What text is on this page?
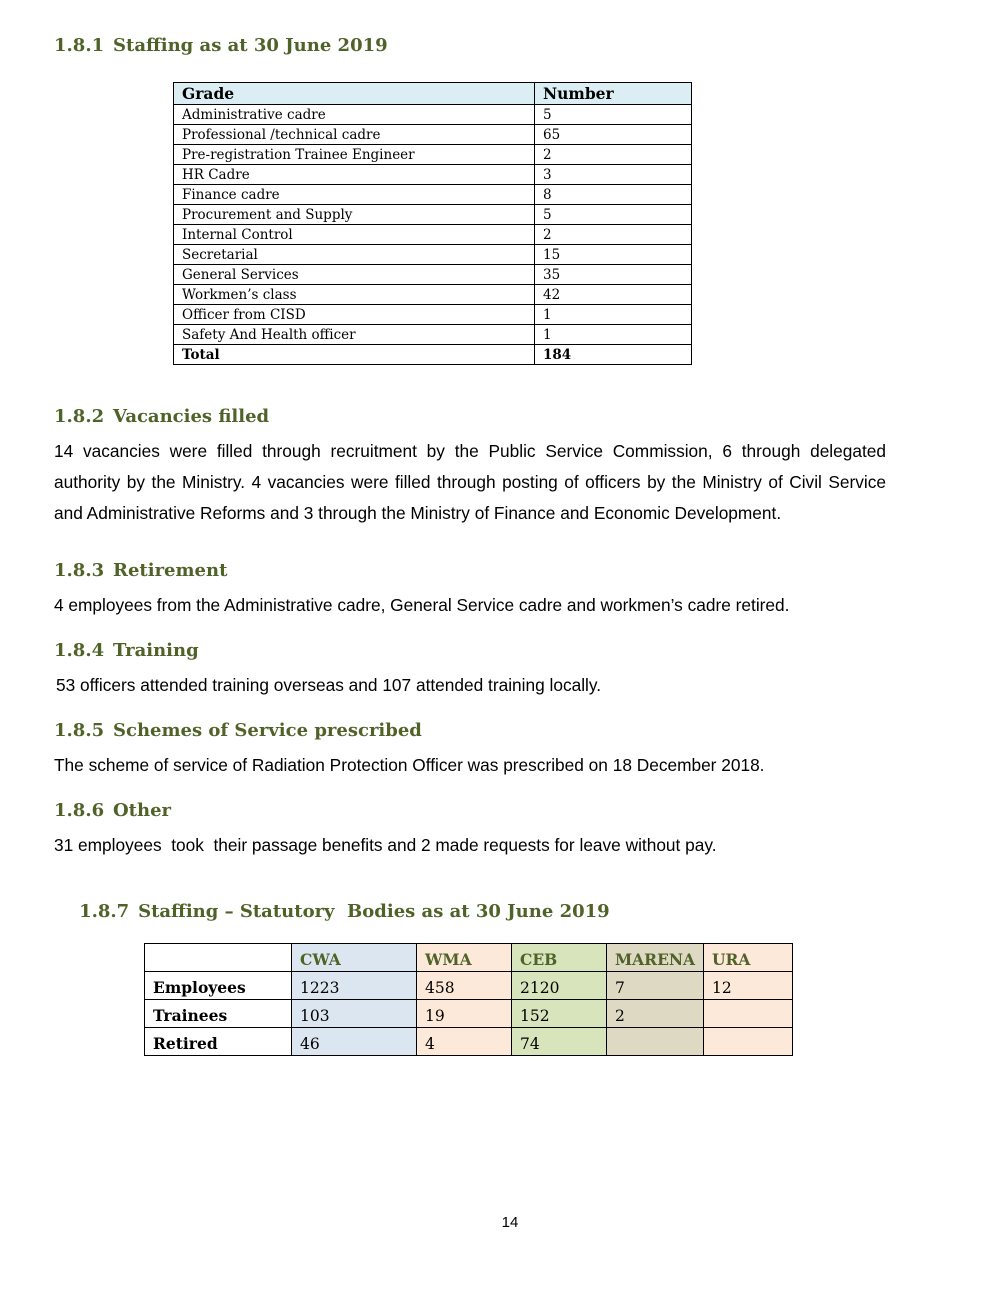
1.8.1 Staffing as at 30 June 2019
Grade	Number
Administrative cadre	5
Professional /technical cadre	65
Pre-registration Trainee Engineer	2
HR Cadre	3
Finance cadre	8
Procurement and Supply	5
Internal Control	2
Secretarial	15
General Services	35
Workmen’s class	42
Officer from CISD	1
Safety And Health officer	1
Total	184
1.8.2 Vacancies filled

14 vacancies were filled through recruitment by the Public Service Commission, 6 through delegated authority by the Ministry. 4 vacancies were filled through posting of officers by the Ministry of Civil Service and Administrative Reforms and 3 through the Ministry of Finance and Economic Development.

1.8.3 Retirement

4 employees from the Administrative cadre, General Service cadre and workmen’s cadre retired.

1.8.4 Training

53 officers attended training overseas and 107 attended training locally.

1.8.5 Schemes of Service prescribed

The scheme of service of Radiation Protection Officer was prescribed on 18 December 2018.

1.8.6 Other

31 employees  took  their passage benefits and 2 made requests for leave without pay.

1.8.7 Staffing – Statutory  Bodies as at 30 June 2019

	CWA	WMA	CEB	MARENA	URA
Employees	1223	458	2120	7	12
Trainees	103	19	152	2	
Retired	46	4	74		
14
